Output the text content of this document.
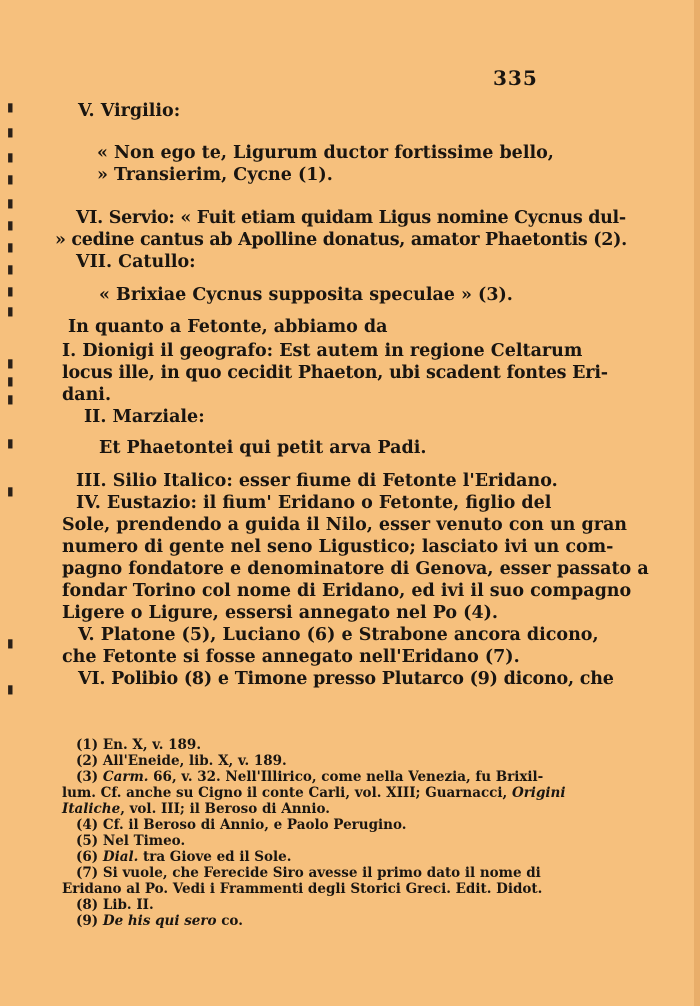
▮
▮
▮
▮
▮
▮
▮
▮
▮
▮
▮
▮
▮
▮
▮
▮
▮
335
V. Virgilio:
« Non ego te, Ligurum ductor fortissime bello,
» Transierim, Cycne (1).
VI. Servio: « Fuit etiam quidam Ligus nomine Cycnus dul-
» cedine cantus ab Apolline donatus, amator Phaetontis (2).
VII. Catullo:
« Brixiae Cycnus supposita speculae » (3).
In quanto a Fetonte, abbiamo da
I. Dionigi il geografo: Est autem in regione Celtarum
locus ille, in quo cecidit Phaeton, ubi scadent fontes Eri-
dani.
II. Marziale:
Et Phaetontei qui petit arva Padi.
III. Silio Italico: esser fiume di Fetonte l'Eridano.
IV. Eustazio: il fium' Eridano o Fetonte, figlio del
Sole, prendendo a guida il Nilo, esser venuto con un gran
numero di gente nel seno Ligustico; lasciato ivi un com-
pagno fondatore e denominatore di Genova, esser passato a
fondar Torino col nome di Eridano, ed ivi il suo compagno
Ligere o Ligure, essersi annegato nel Po (4).
V. Platone (5), Luciano (6) e Strabone ancora dicono,
che Fetonte si fosse annegato nell'Eridano (7).
VI. Polibio (8) e Timone presso Plutarco (9) dicono, che
(1) En. X, v. 189.
(2) All'Eneide, lib. X, v. 189.
(3) Carm. 66, v. 32. Nell'Illirico, come nella Venezia, fu Brixil-
lum. Cf. anche su Cigno il conte Carli, vol. XIII; Guarnacci, Origini
Italiche, vol. III; il Beroso di Annio.
(4) Cf. il Beroso di Annio, e Paolo Perugino.
(5) Nel Timeo.
(6) Dial. tra Giove ed il Sole.
(7) Si vuole, che Ferecide Siro avesse il primo dato il nome di
Eridano al Po. Vedi i Frammenti degli Storici Greci. Edit. Didot.
(8) Lib. II.
(9) De his qui sero co.
